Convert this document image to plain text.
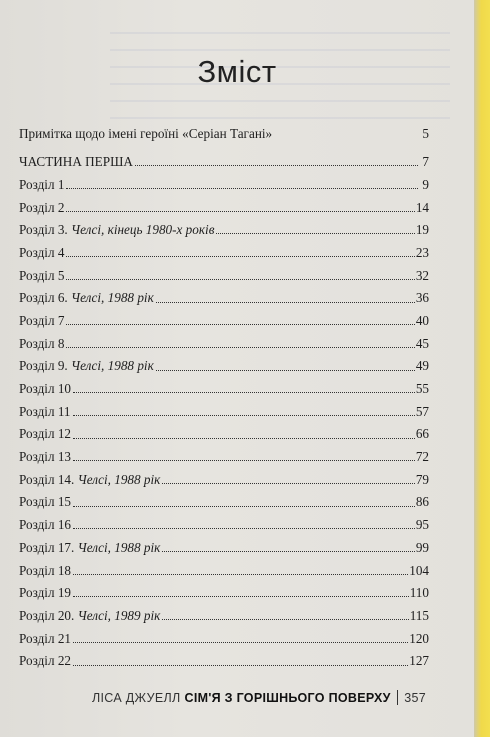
Зміст
Примітка щодо імені героїні «Серіан Тагані»	5
ЧАСТИНА ПЕРША	7
Розділ 1	9
Розділ 2	14
Розділ 3. Челсі, кінець 1980-х років	19
Розділ 4	23
Розділ 5	32
Розділ 6. Челсі, 1988 рік	36
Розділ 7	40
Розділ 8	45
Розділ 9. Челсі, 1988 рік	49
Розділ 10	55
Розділ 11	57
Розділ 12	66
Розділ 13	72
Розділ 14. Челсі, 1988 рік	79
Розділ 15	86
Розділ 16	95
Розділ 17. Челсі, 1988 рік	99
Розділ 18	104
Розділ 19	110
Розділ 20. Челсі, 1989 рік	115
Розділ 21	120
Розділ 22	127
ЛІСА ДЖУЕЛЛ СІМ'Я З ГОРІШНЬОГО ПОВЕРХУ 357
